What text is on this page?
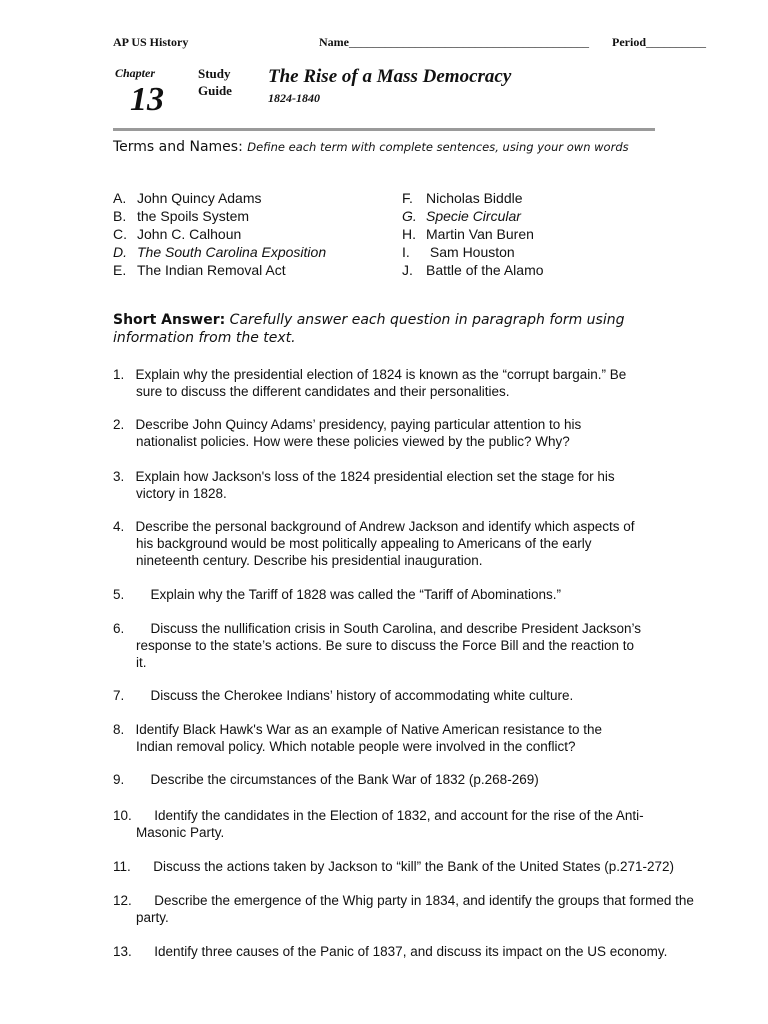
AP US History	Name________________________________________ Period__________
Chapter
13
Study
Guide
The Rise of a Mass Democracy
1824-1840
Terms and Names: Define each term with complete sentences, using your own words
A. John Quincy Adams
B. the Spoils System
C. John C. Calhoun
D. The South Carolina Exposition
E. The Indian Removal Act
F. Nicholas Biddle
G. Specie Circular
H. Martin Van Buren
I.	Sam Houston
J. Battle of the Alamo
Short Answer: Carefully answer each question in paragraph form using
information from the text.
1.   Explain why the presidential election of 1824 is known as the “corrupt bargain.” Be
sure to discuss the different candidates and their personalities.
2.   Describe John Quincy Adams’ presidency, paying particular attention to his
nationalist policies. How were these policies viewed by the public? Why?
3.   Explain how Jackson's loss of the 1824 presidential election set the stage for his
victory in 1828.
4.   Describe the personal background of Andrew Jackson and identify which aspects of
his background would be most politically appealing to Americans of the early
nineteenth century. Describe his presidential inauguration.
5.       Explain why the Tariff of 1828 was called the “Tariff of Abominations.”
6.       Discuss the nullification crisis in South Carolina, and describe President Jackson’s
response to the state’s actions. Be sure to discuss the Force Bill and the reaction to
it.
7.       Discuss the Cherokee Indians’ history of accommodating white culture.
8.   Identify Black Hawk's War as an example of Native American resistance to the
Indian removal policy. Which notable people were involved in the conflict?
9.       Describe the circumstances of the Bank War of 1832 (p.268-269)
10.      Identify the candidates in the Election of 1832, and account for the rise of the Anti-
Masonic Party.
11.      Discuss the actions taken by Jackson to “kill” the Bank of the United States (p.271-272)
12.      Describe the emergence of the Whig party in 1834, and identify the groups that formed the
party.
13.      Identify three causes of the Panic of 1837, and discuss its impact on the US economy.
